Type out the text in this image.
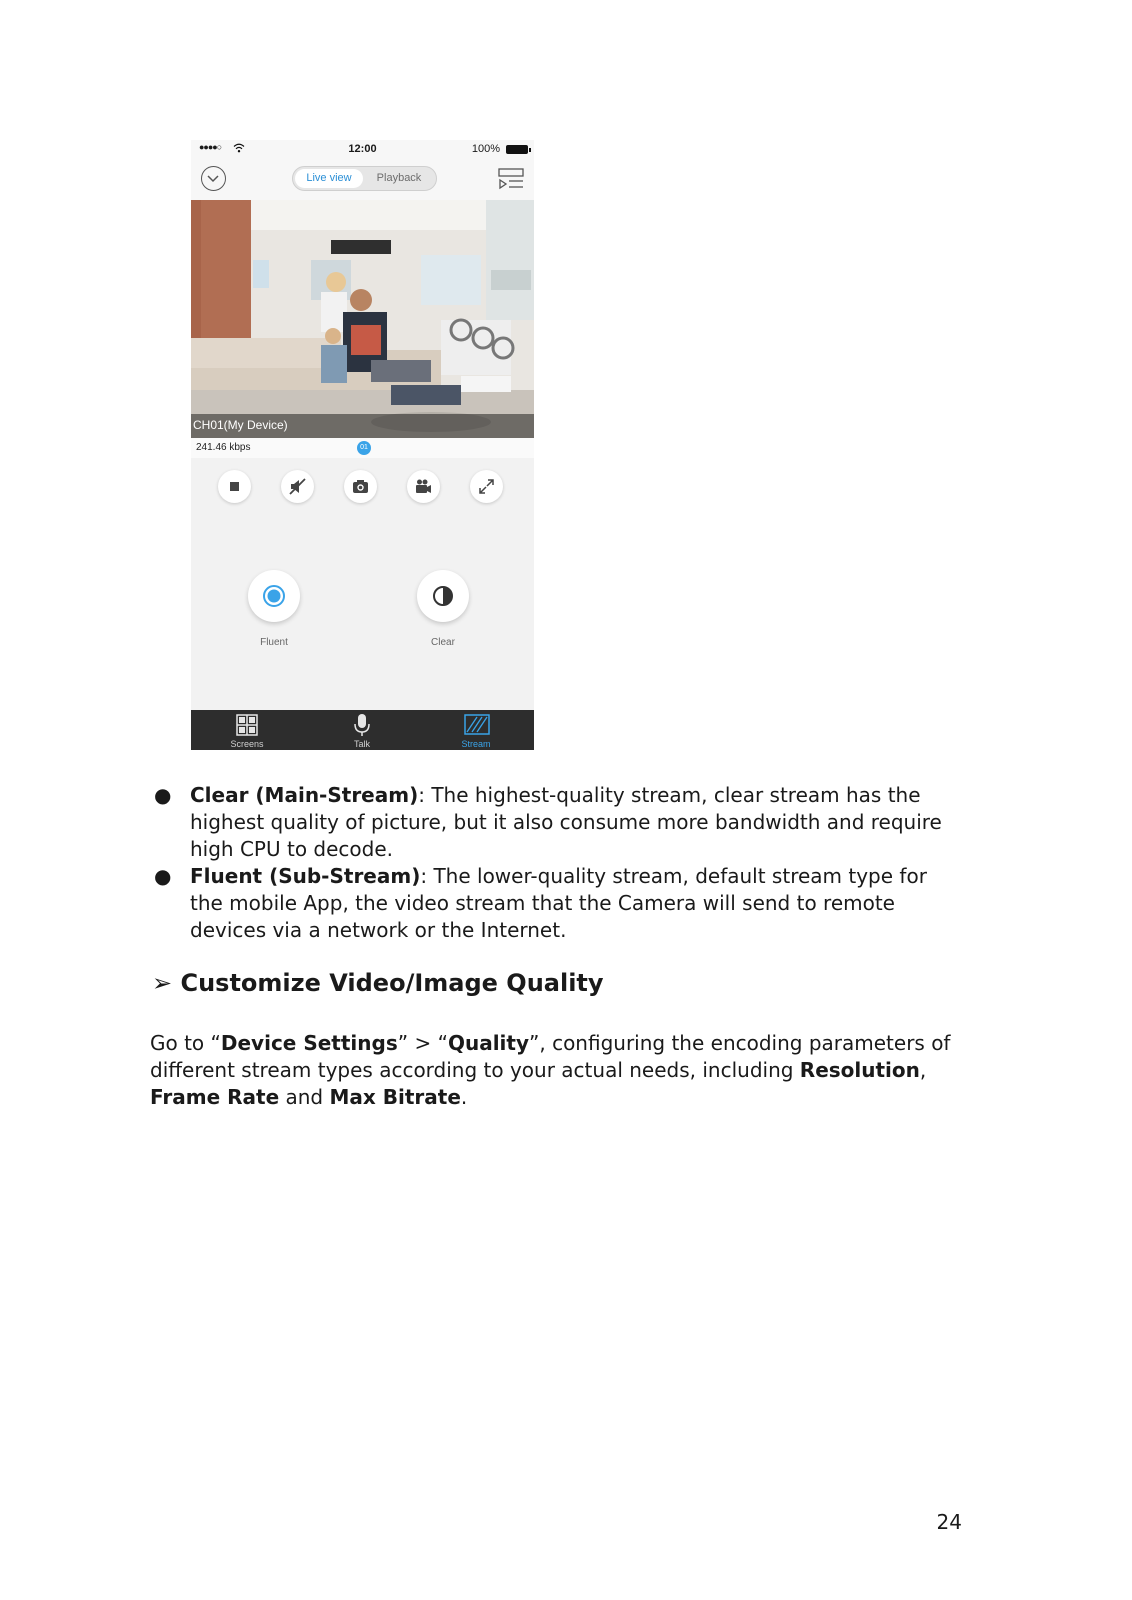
●●●●○	12:00	100%
Live view	Playback
CH01(My Device)
241.46 kbps	01
Fluent	Clear
Screens	Talk	Stream
● Clear (Main-Stream): The highest-quality stream, clear stream has the highest quality of picture, but it also consume more bandwidth and require high CPU to decode.
● Fluent (Sub-Stream): The lower-quality stream, default stream type for the mobile App, the video stream that the Camera will send to remote devices via a network or the Internet.
➢ Customize Video/Image Quality
Go to “Device Settings” > “Quality”, configuring the encoding parameters of different stream types according to your actual needs, including Resolution, Frame Rate and Max Bitrate.
24
